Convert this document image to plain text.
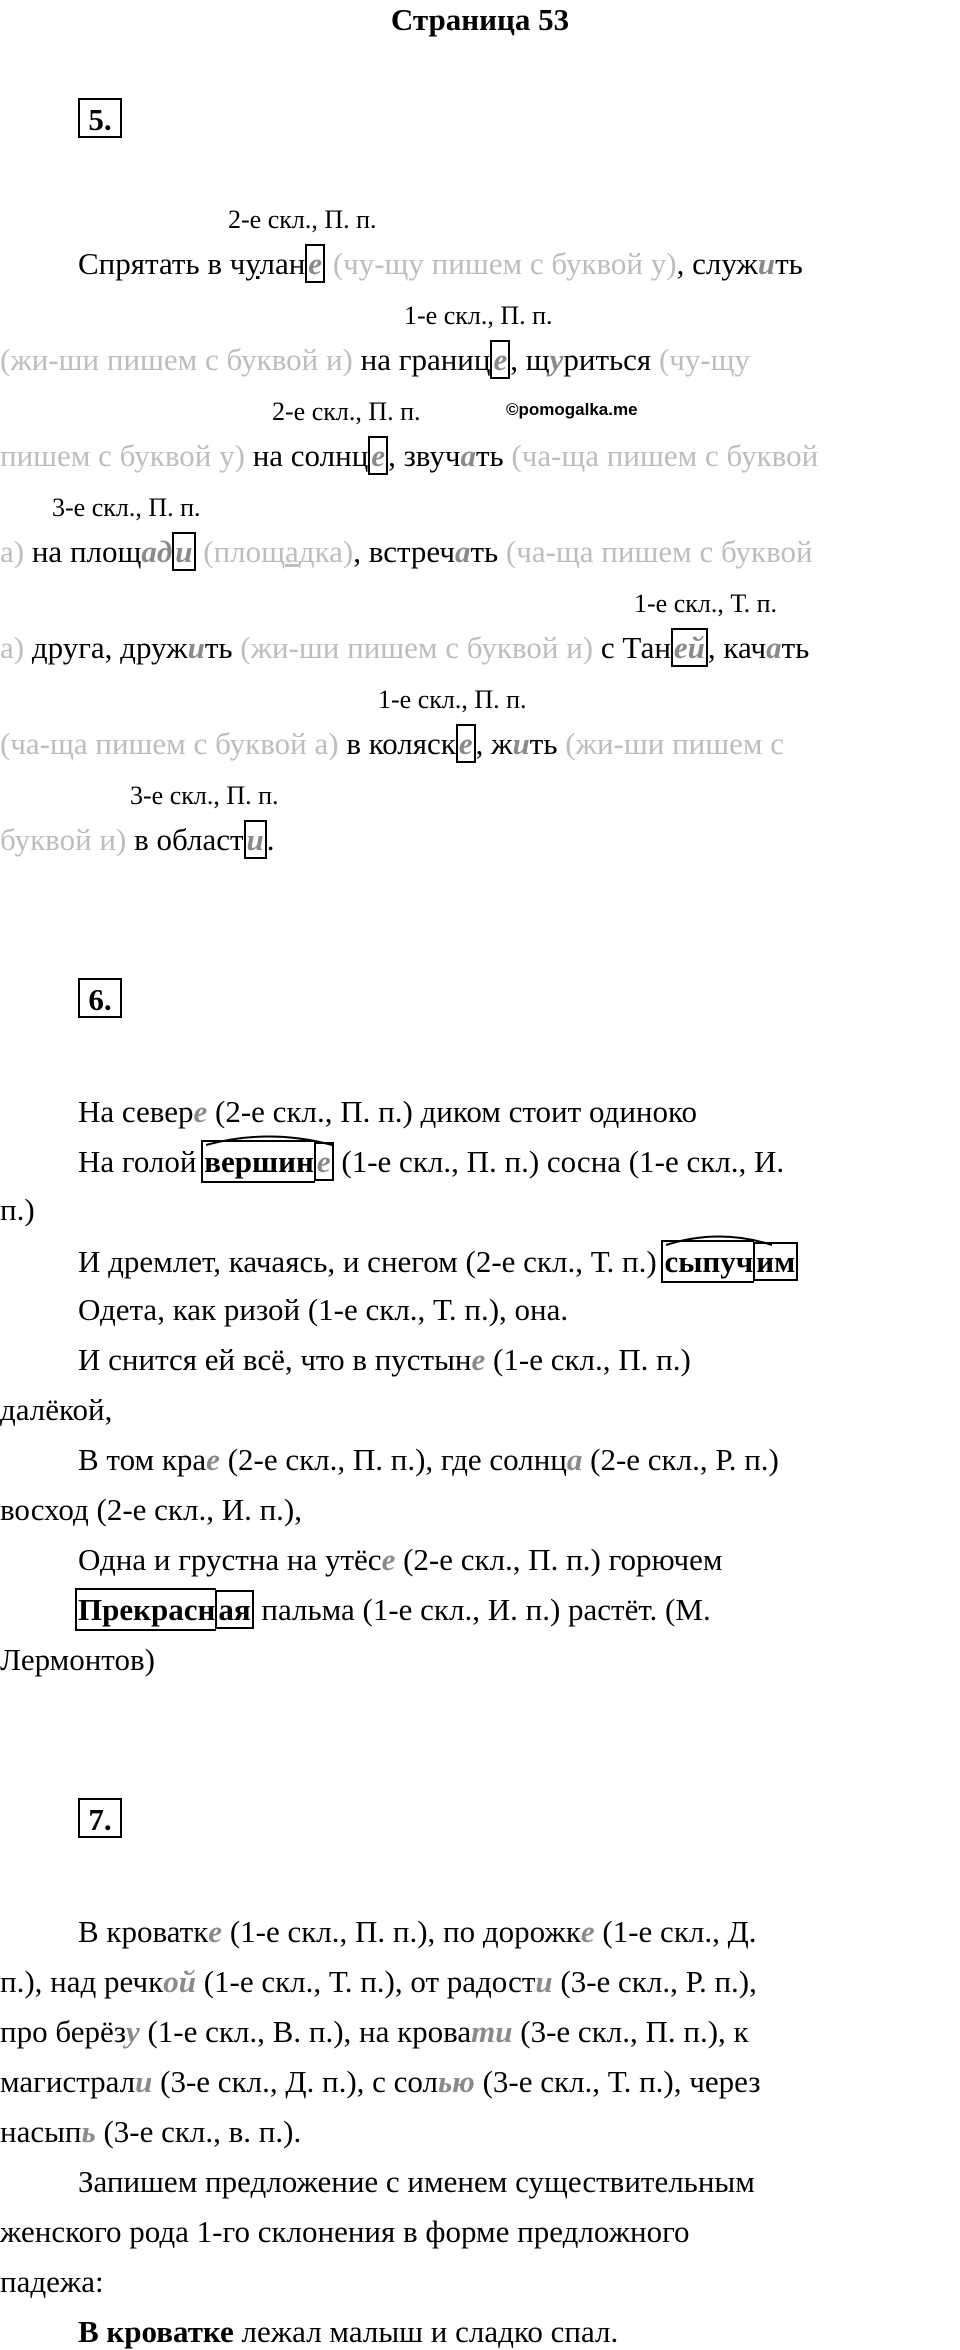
Страница 53
5.
2-е скл., П. п.
Спрятать в чулане (чу-щу пишем с буквой у), служить
1-е скл., П. п.
(жи-ши пишем с буквой и) на границе, щуриться (чу-щу
2-е скл., П. п.	©pomogalka.me
пишем с буквой у) на солнце, звучать (ча-ща пишем с буквой
3-е скл., П. п.
а) на площади (площадка), встречать (ча-ща пишем с буквой
1-е скл., Т. п.
а) друга, дружить (жи-ши пишем с буквой и) с Таней, качать
1-е скл., П. п.
(ча-ща пишем с буквой а) в коляске, жить (жи-ши пишем с
3-е скл., П. п.
буквой и) в области.
6.
На севере (2-е скл., П. п.) диком стоит одиноко
На голой вершин
е (1-е скл., П. п.) сосна (1-е скл., И.
п.)
И дремлет, качаясь, и снегом (2-е скл., Т. п.) сыпуч
им
Одета, как ризой (1-е скл., Т. п.), она.
И снится ей всё, что в пустыне (1-е скл., П. п.)
далёкой,
В том крае (2-е скл., П. п.), где солнца (2-е скл., Р. п.)
восход (2-е скл., И. п.),
Одна и грустна на утёсе (2-е скл., П. п.) горючем
Прекрасн
ая пальма (1-е скл., И. п.) растёт. (М.
Лермонтов)
7.
В кроватке (1-е скл., П. п.), по дорожке (1-е скл., Д.
п.), над речкой (1-е скл., Т. п.), от радости (3-е скл., Р. п.),
про берёзу (1-е скл., В. п.), на кровати (3-е скл., П. п.), к
магистрали (3-е скл., Д. п.), с солью (3-е скл., Т. п.), через
насыпь (3-е скл., в. п.).
Запишем предложение с именем существительным
женского рода 1-го склонения в форме предложного
падежа:
В кроватке лежал малыш и сладко спал.
